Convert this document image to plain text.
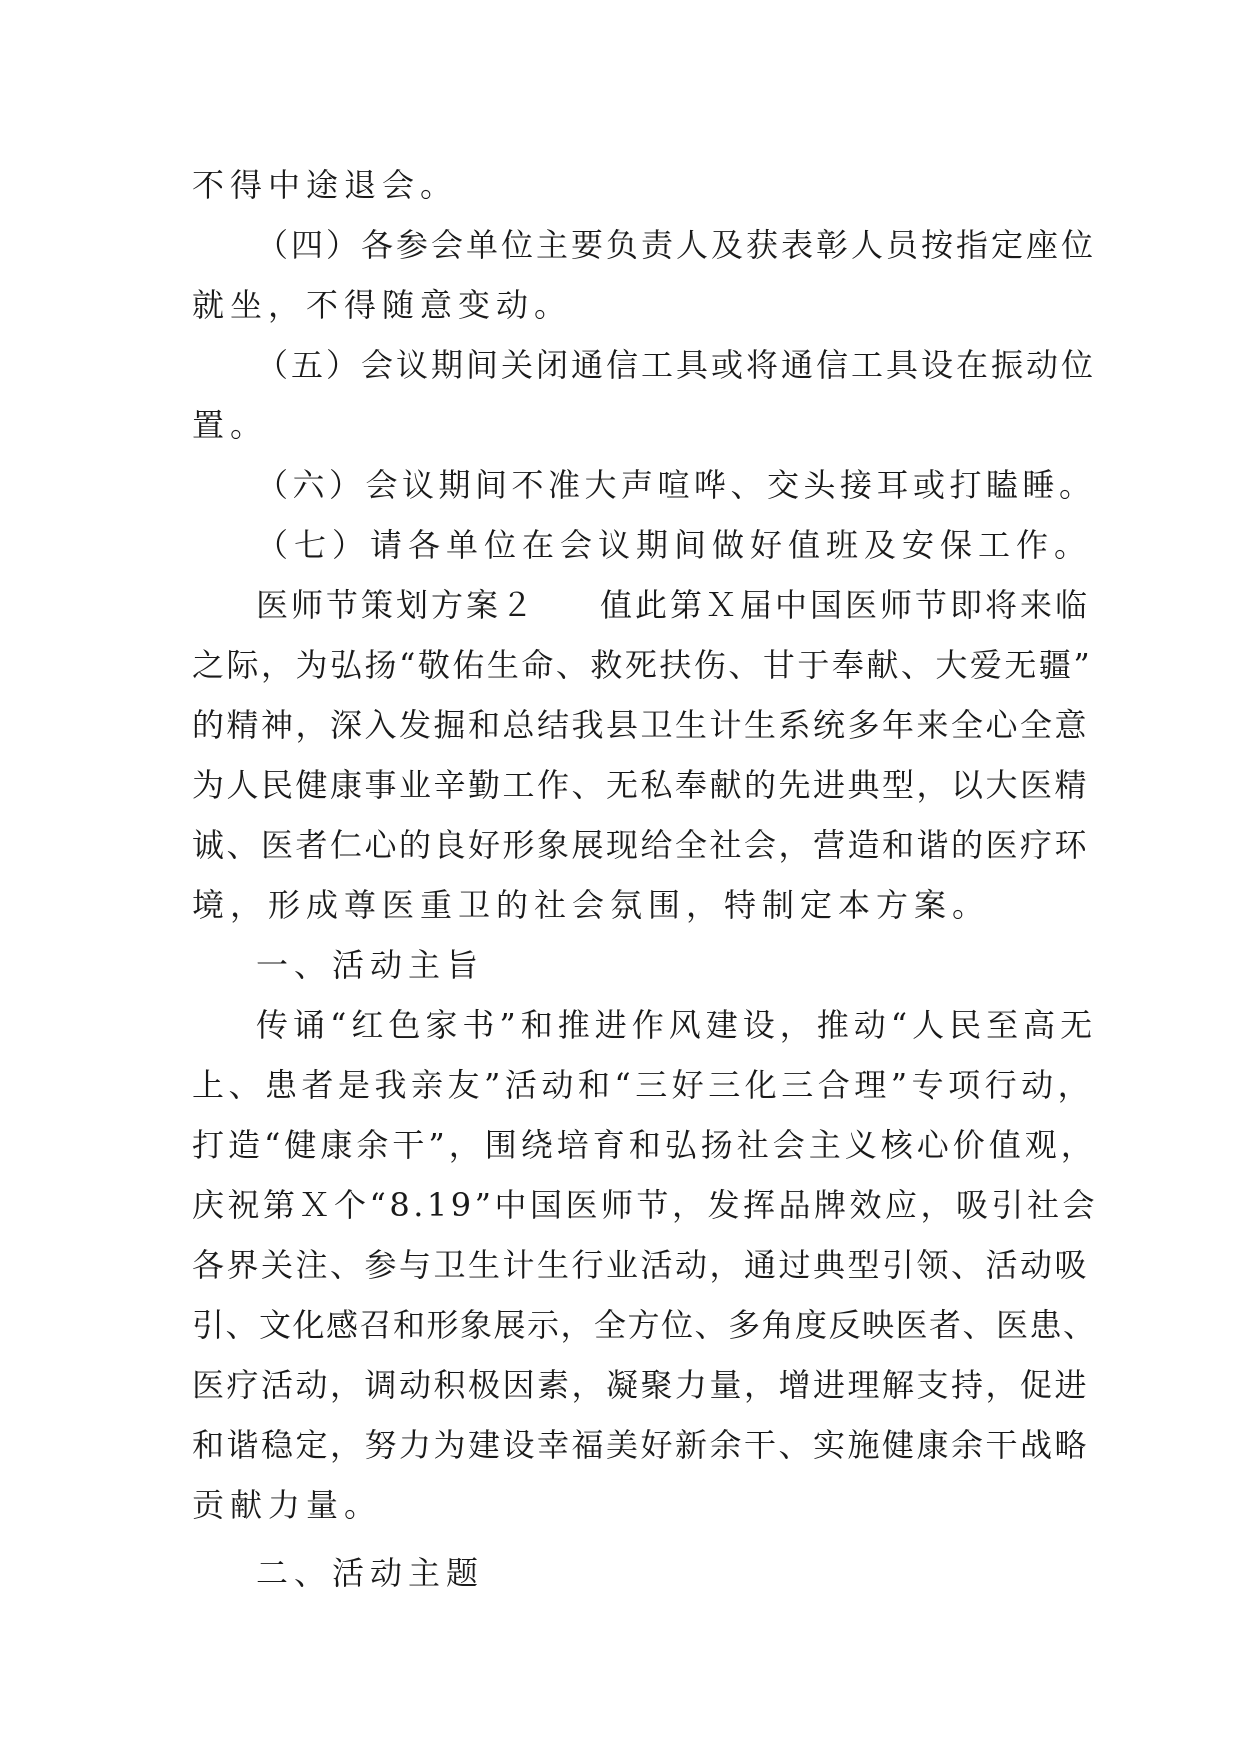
不得中途退会。
（四）各参会单位主要负责人及获表彰人员按指定座位
就坐，不得随意变动。
（五）会议期间关闭通信工具或将通信工具设在振动位
置。
（六）会议期间不准大声喧哗、交头接耳或打瞌睡。
（七）请各单位在会议期间做好值班及安保工作。
医师节策划方案２ 值此第Ｘ届中国医师节即将来临
之际，为弘扬“敬佑生命、救死扶伤、甘于奉献、大爱无疆”
的精神，深入发掘和总结我县卫生计生系统多年来全心全意
为人民健康事业辛勤工作、无私奉献的先进典型，以大医精
诚、医者仁心的良好形象展现给全社会，营造和谐的医疗环
境，形成尊医重卫的社会氛围，特制定本方案。
一、活动主旨
传诵“红色家书”和推进作风建设，推动“人民至高无
上、患者是我亲友”活动和“三好三化三合理”专项行动，
打造“健康余干”，围绕培育和弘扬社会主义核心价值观，
庆祝第Ｘ个“8.19”中国医师节，发挥品牌效应，吸引社会
各界关注、参与卫生计生行业活动，通过典型引领、活动吸
引、文化感召和形象展示，全方位、多角度反映医者、医患、
医疗活动，调动积极因素，凝聚力量，增进理解支持，促进
和谐稳定，努力为建设幸福美好新余干、实施健康余干战略
贡献力量。
二、活动主题
